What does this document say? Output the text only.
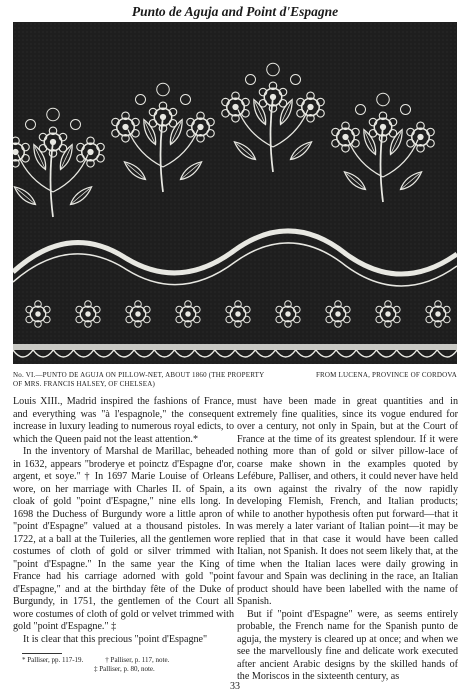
Punto de Aguja and Point d'Espagne
No. VI.—PUNTO DE AGUJA ON PILLOW-NET, ABOUT 1860 (THE PROPERTY OF MRS. FRANCIS HALSEY, OF CHELSEA)
FROM LUCENA, PROVINCE OF CORDOVA

Louis XIII., Madrid inspired the fashions of France, and everything was "à l'espagnole," the consequent increase in luxury leading to numerous royal edicts, to which the Queen paid not the least attention.*

In the inventory of Marshal de Marillac, beheaded in 1632, appears "broderye et poinctz d'Espagne d'or, argent, et soye." † In 1697 Marie Louise of Orleans wore, on her marriage with Charles II. of Spain, a cloak of gold "point d'Espagne," nine ells long. In 1698 the Duchess of Burgundy wore a little apron of "point d'Espagne" valued at a thousand pistoles. In 1722, at a ball at the Tuileries, all the gentlemen wore costumes of cloth of gold or silver trimmed with "point d'Espagne." In the same year the King of France had his carriage adorned with gold "point d'Espagne," and at the birthday fête of the Duke of Burgundy, in 1751, the gentlemen of the Court all wore costumes of cloth of gold or velvet trimmed with gold "point d'Espagne." ‡

It is clear that this precious "point d'Espagne"

must have been made in great quantities and in extremely fine qualities, since its vogue endured for over a century, not only in Spain, but at the Court of France at the time of its greatest splendour. If it were nothing more than of gold or silver pillow-lace of coarse make shown in the examples quoted by Lefébure, Palliser, and others, it could never have held its own against the rivalry of the now rapidly developing Flemish, French, and Italian products; while to another hypothesis often put forward—that it was merely a later variant of Italian point—it may be replied that in that case it would have been called Italian, not Spanish. It does not seem likely that, at the time when the Italian laces were daily growing in favour and Spain was declining in the race, an Italian product should have been labelled with the name of Spanish.

But if "point d'Espagne" were, as seems entirely probable, the French name for the Spanish punto de aguja, the mystery is cleared up at once; and when we see the marvellously fine and delicate work executed after ancient Arabic designs by the skilled hands of the Moriscos in the sixteenth century, as

* Palliser, pp. 117-19.	† Palliser, p. 117, note.
‡ Palliser, p. 80, note.
33
